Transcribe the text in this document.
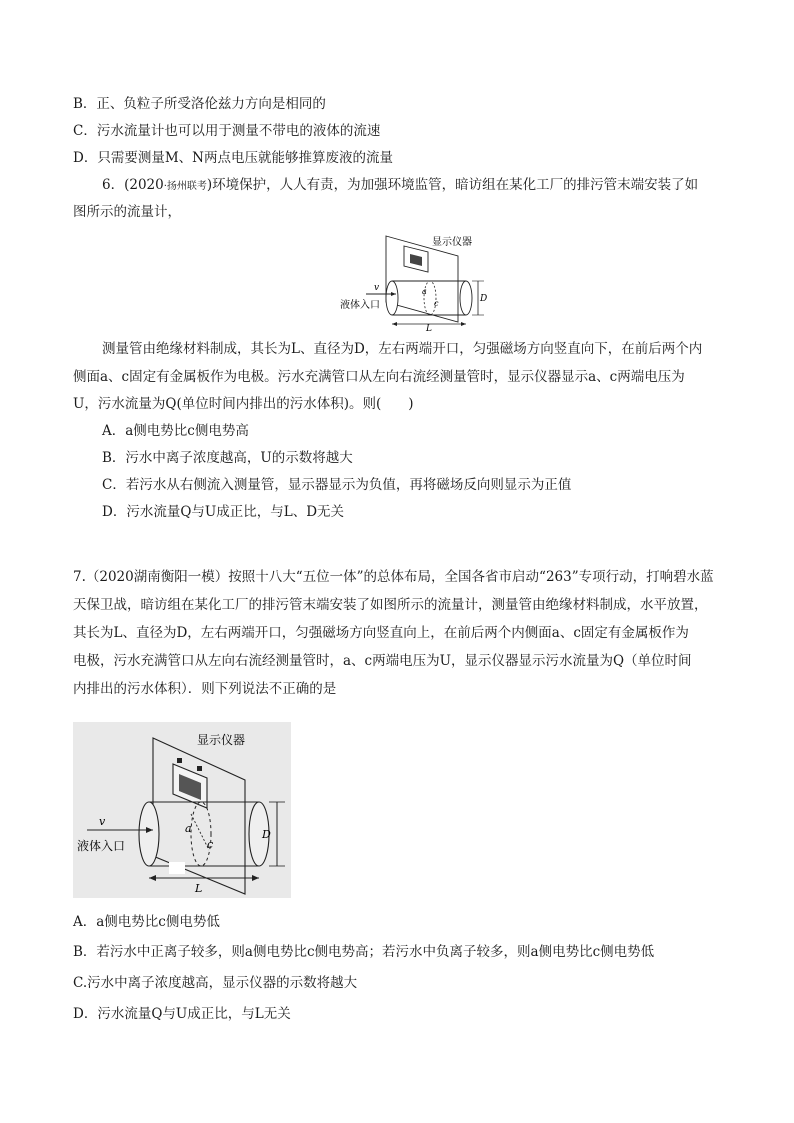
B．正、负粒子所受洛伦兹力方向是相同的
C．污水流量计也可以用于测量不带电的液体的流速
D．只需要测量M、N两点电压就能够推算废液的流量
6．(2020·扬州联考)环境保护，人人有责，为加强环境监管，暗访组在某化工厂的排污管末端安装了如
图所示的流量计，
v
液体入口
显示仪器
a
c	D
L
测量管由绝缘材料制成，其长为L、直径为D，左右两端开口，匀强磁场方向竖直向下，在前后两个内
侧面a、c固定有金属板作为电极。污水充满管口从左向右流经测量管时，显示仪器显示a、c两端电压为
U，污水流量为Q(单位时间内排出的污水体积)。则(　　)
A．a侧电势比c侧电势高
B．污水中离子浓度越高，U的示数将越大
C．若污水从右侧流入测量管，显示器显示为负值，再将磁场反向则显示为正值
D．污水流量Q与U成正比，与L、D无关
7.（2020湖南衡阳一模）按照十八大“五位一体”的总体布局，全国各省市启动“263”专项行动，打响碧水蓝
天保卫战，暗访组在某化工厂的排污管末端安装了如图所示的流量计，测量管由绝缘材料制成，水平放置，
其长为L、直径为D，左右两端开口，匀强磁场方向竖直向上，在前后两个内侧面a、c固定有金属板作为
电极，污水充满管口从左向右流经测量管时，a、c两端电压为U，显示仪器显示污水流量为Q（单位时间
内排出的污水体积）．则下列说法不正确的是
v
液体入口
显示仪器
a
c
D
L
A．a侧电势比c侧电势低
B．若污水中正离子较多，则a侧电势比c侧电势高；若污水中负离子较多，则a侧电势比c侧电势低
C.污水中离子浓度越高，显示仪器的示数将越大
D．污水流量Q与U成正比，与L无关
